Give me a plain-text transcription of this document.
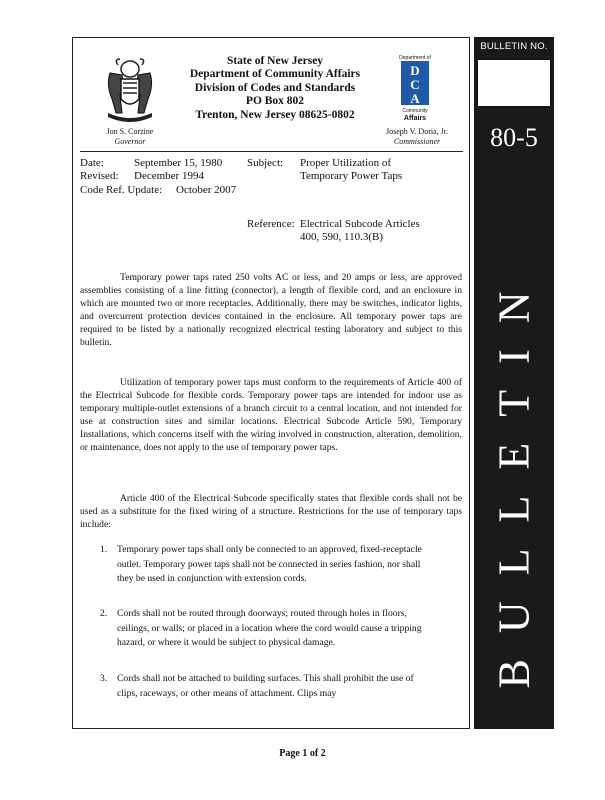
BULLETIN NO.
80-5
BULLETIN
Department of
D
C
A
Community
Affairs
State of New Jersey
Department of Community Affairs
Division of Codes and Standards
PO Box 802
Trenton, New Jersey 08625-0802
Jon S. Corzine
Governor
Joseph V. Doria, Jr.
Commissioner
Date:	September 15, 1980
Revised: December 1994
Code Ref. Update: October 2007
Subject: Proper Utilization of
Temporary Power Taps
Reference: Electrical Subcode Articles
400, 590, 110.3(B)

Temporary power taps rated 250 volts AC or less, and 20 amps or less, are approved assemblies consisting of a line fitting (connector), a length of flexible cord, and an enclosure in which are mounted two or more receptacles. Additionally, there may be switches, indicator lights, and overcurrent protection devices contained in the enclosure. All temporary power taps are required to be listed by a nationally recognized electrical testing laboratory and subject to this bulletin.

Utilization of temporary power taps must conform to the requirements of Article 400 of the Electrical Subcode for flexible cords. Temporary power taps are intended for indoor use as temporary multiple-outlet extensions of a branch circuit to a central location, and not intended for use at construction sites and similar locations. Electrical Subcode Article 590, Temporary Installations, which concerns itself with the wiring involved in construction, alteration, demolition, or maintenance, does not apply to the use of temporary power taps.

Article 400 of the Electrical Subcode specifically states that flexible cords shall not be used as a substitute for the fixed wiring of a structure. Restrictions for the use of temporary taps include:

1. Temporary power taps shall only be connected to an approved, fixed-receptacle outlet. Temporary power taps shall not be connected in series fashion, nor shall they be used in conjunction with extension cords.
2. Cords shall not be routed through doorways; routed through holes in floors, ceilings, or walls; or placed in a location where the cord would cause a tripping hazard, or where it would be subject to physical damage.
3. Cords shall not be attached to building surfaces. This shall prohibit the use of clips, raceways, or other means of attachment. Clips may
Page 1 of 2
